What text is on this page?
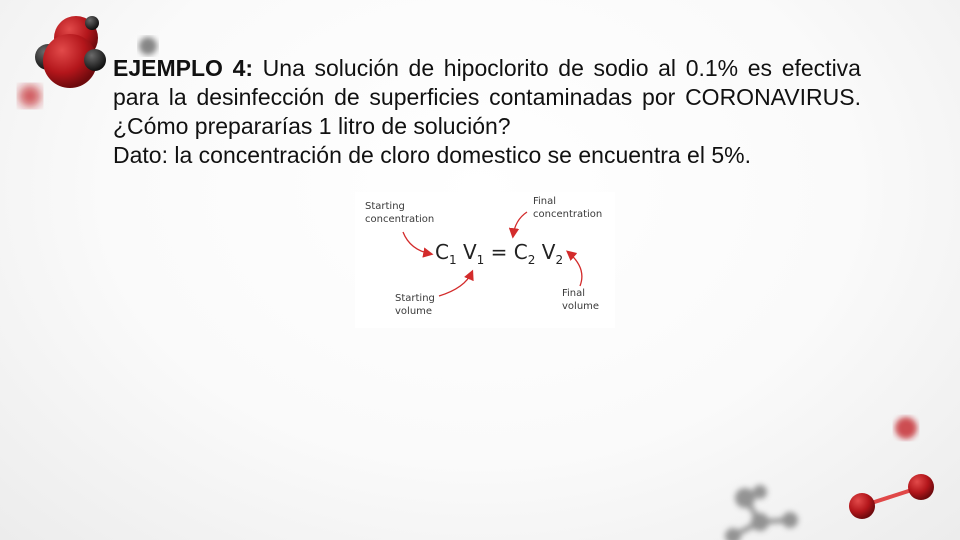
EJEMPLO 4: Una solución de hipoclorito de sodio al 0.1% es efectiva para la desinfección de superficies contaminadas por CORONAVIRUS. ¿Cómo prepararías 1 litro de solución?

Dato: la concentración de cloro domestico se encuentra el 5%.

Starting
concentration
Final
concentration
Starting
volume
Final
volume
$C_1$ $V_1 = C_2$ $V_2$
